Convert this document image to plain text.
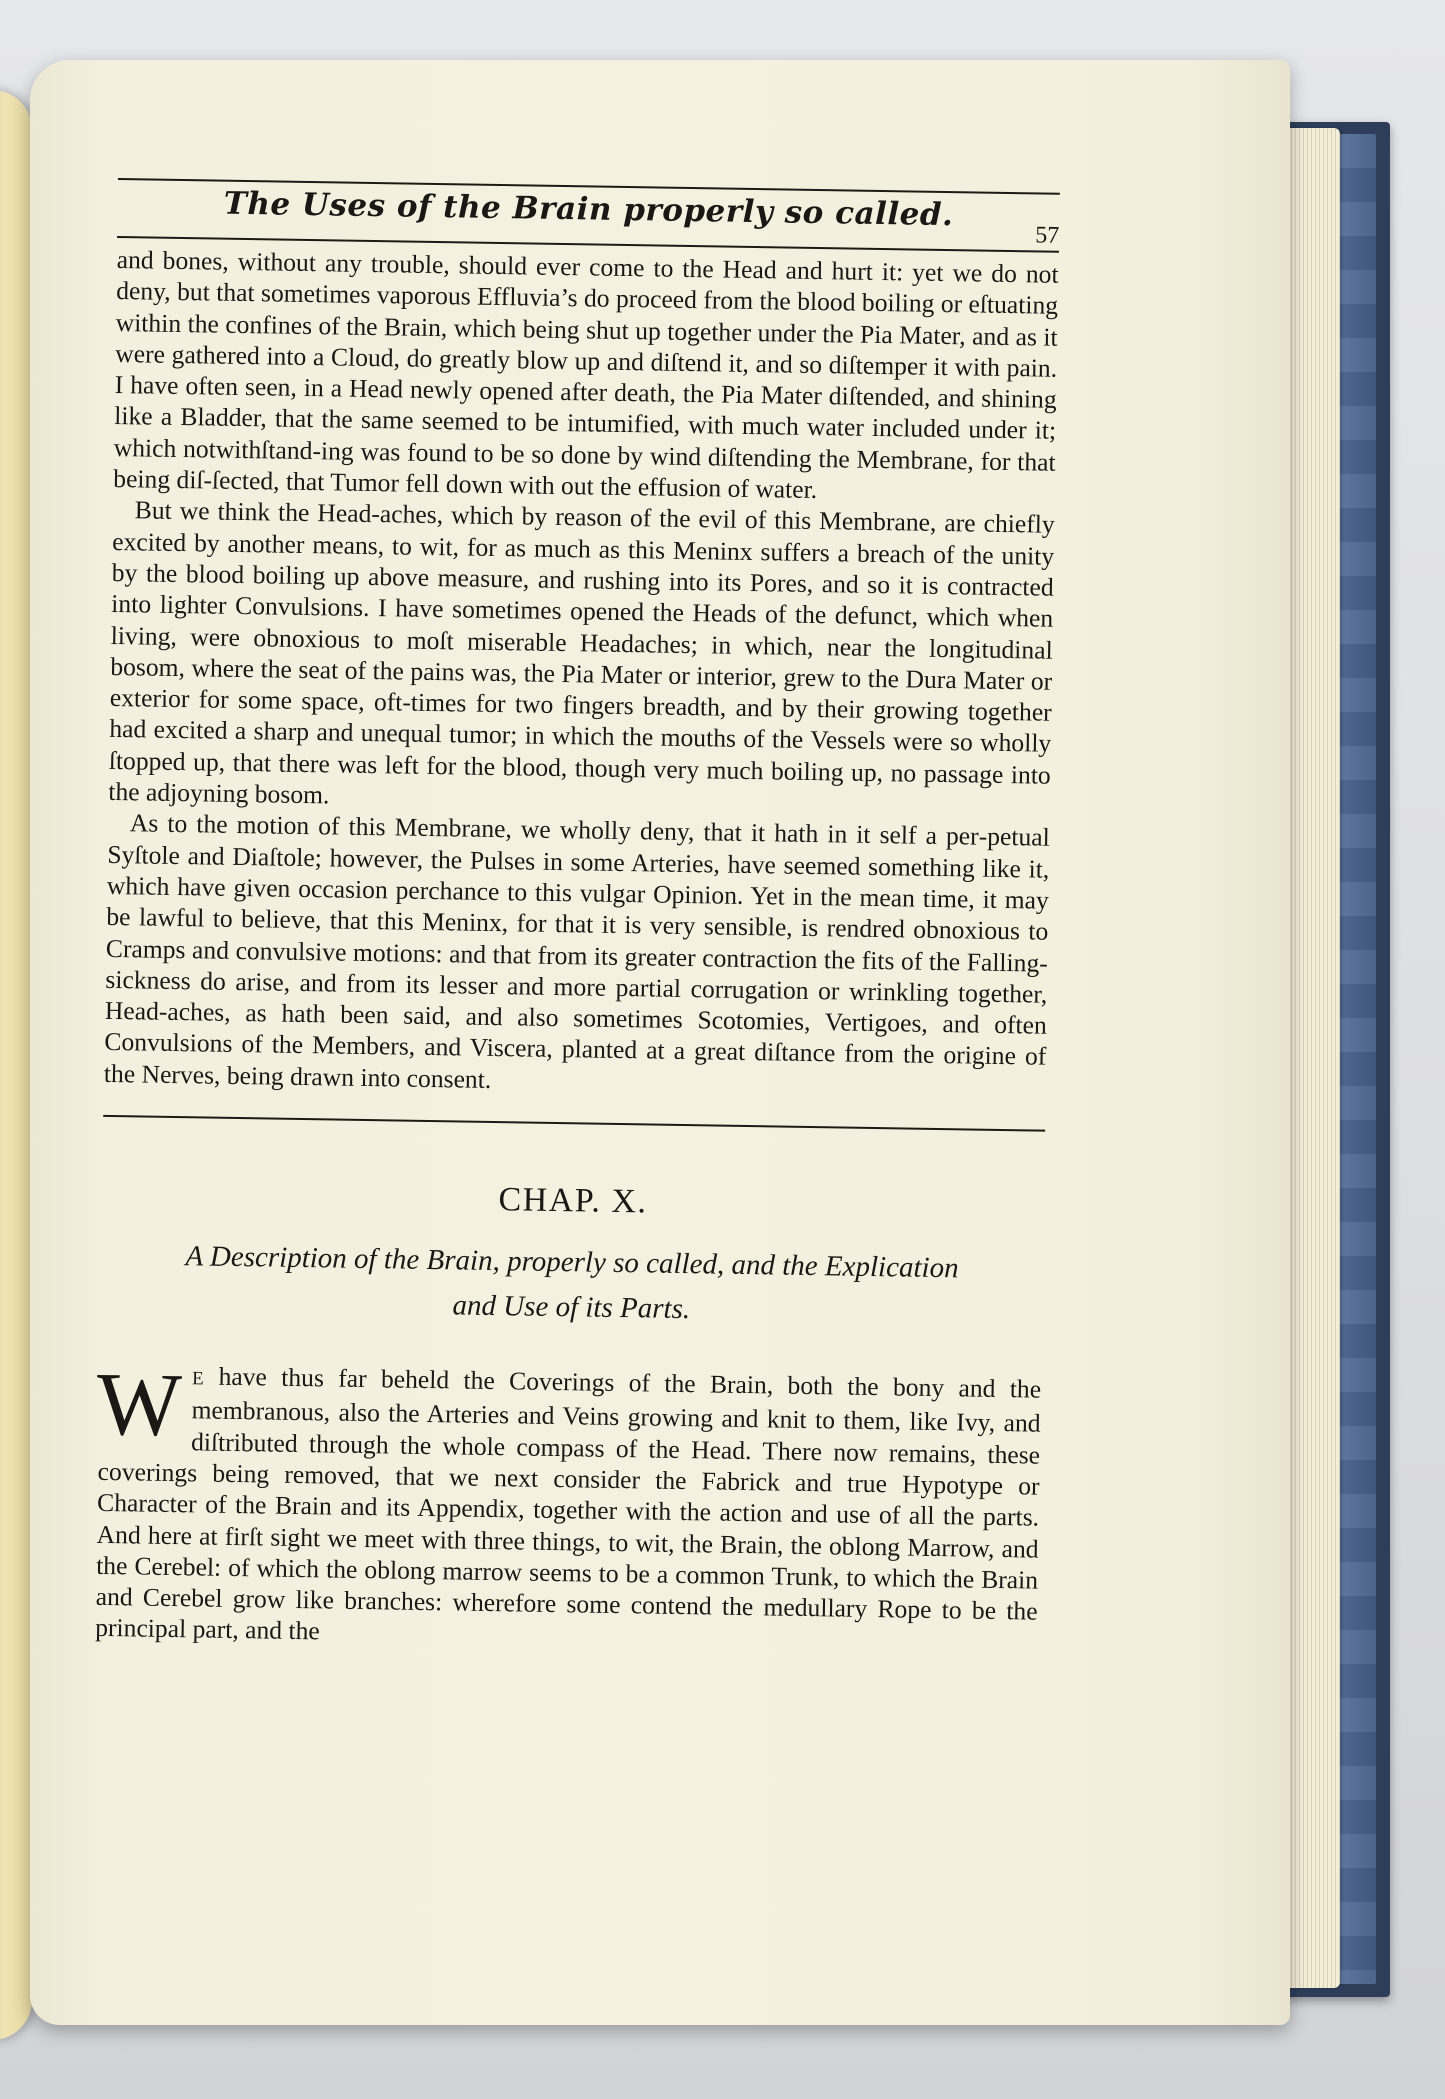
The Uses of the Brain properly so called.
57

and bones, without any trouble, should ever come to the Head and hurt it: yet we do not deny, but that sometimes vaporous Effluvia’s do proceed from the blood boiling or eſtuating within the confines of the Brain, which being shut up together under the Pia Mater, and as it were gathered into a Cloud, do greatly blow up and diſtend it, and so diſtemper it with pain. I have often seen, in a Head newly opened after death, the Pia Mater diſtended, and shining like a Bladder, that the same seemed to be intumified, with much water included under it; which notwithſtand‐ing was found to be so done by wind diſtending the Membrane, for that being diſ‐ſected, that Tumor fell down with out the effusion of water.

But we think the Head‐aches, which by reason of the evil of this Membrane, are chiefly excited by another means, to wit, for as much as this Meninx suffers a breach of the unity by the blood boiling up above measure, and rushing into its Pores, and so it is contracted into lighter Convulsions. I have sometimes opened the Heads of the defunct, which when living, were obnoxious to moſt miserable Headaches; in which, near the longitudinal bosom, where the seat of the pains was, the Pia Mater or interior, grew to the Dura Mater or exterior for some space, oft‐times for two fingers breadth, and by their growing together had excited a sharp and unequal tumor; in which the mouths of the Vessels were so wholly ſtopped up, that there was left for the blood, though very much boiling up, no passage into the adjoyning bosom.

As to the motion of this Membrane, we wholly deny, that it hath in it self a per‐petual Syſtole and Diaſtole; however, the Pulses in some Arteries, have seemed something like it, which have given occasion perchance to this vulgar Opinion. Yet in the mean time, it may be lawful to believe, that this Meninx, for that it is very sensible, is rendred obnoxious to Cramps and convulsive motions: and that from its greater contraction the fits of the Falling‐sickness do arise, and from its lesser and more partial corrugation or wrinkling together, Head‐aches, as hath been said, and also sometimes Scotomies, Vertigoes, and often Convulsions of the Members, and Viscera, planted at a great diſtance from the origine of the Nerves, being drawn into consent.

CHAP. X.
A Description of the Brain, properly so called, and the Explication and Use of its Parts.
W E have thus far beheld the Coverings of the Brain, both the bony and the membranous, also the Arteries and Veins growing and knit to them, like Ivy, and diſtributed through the whole compass of the Head. There now remains, these coverings being removed, that we next consider the Fabrick and true Hypotype or Character of the Brain and its Appendix, together with the action and use of all the parts. And here at firſt sight we meet with three things, to wit, the Brain, the oblong Marrow, and the Cerebel: of which the oblong marrow seems to be a common Trunk, to which the Brain and Cerebel grow like branches: wherefore some contend the medullary Rope to be the principal part, and the
